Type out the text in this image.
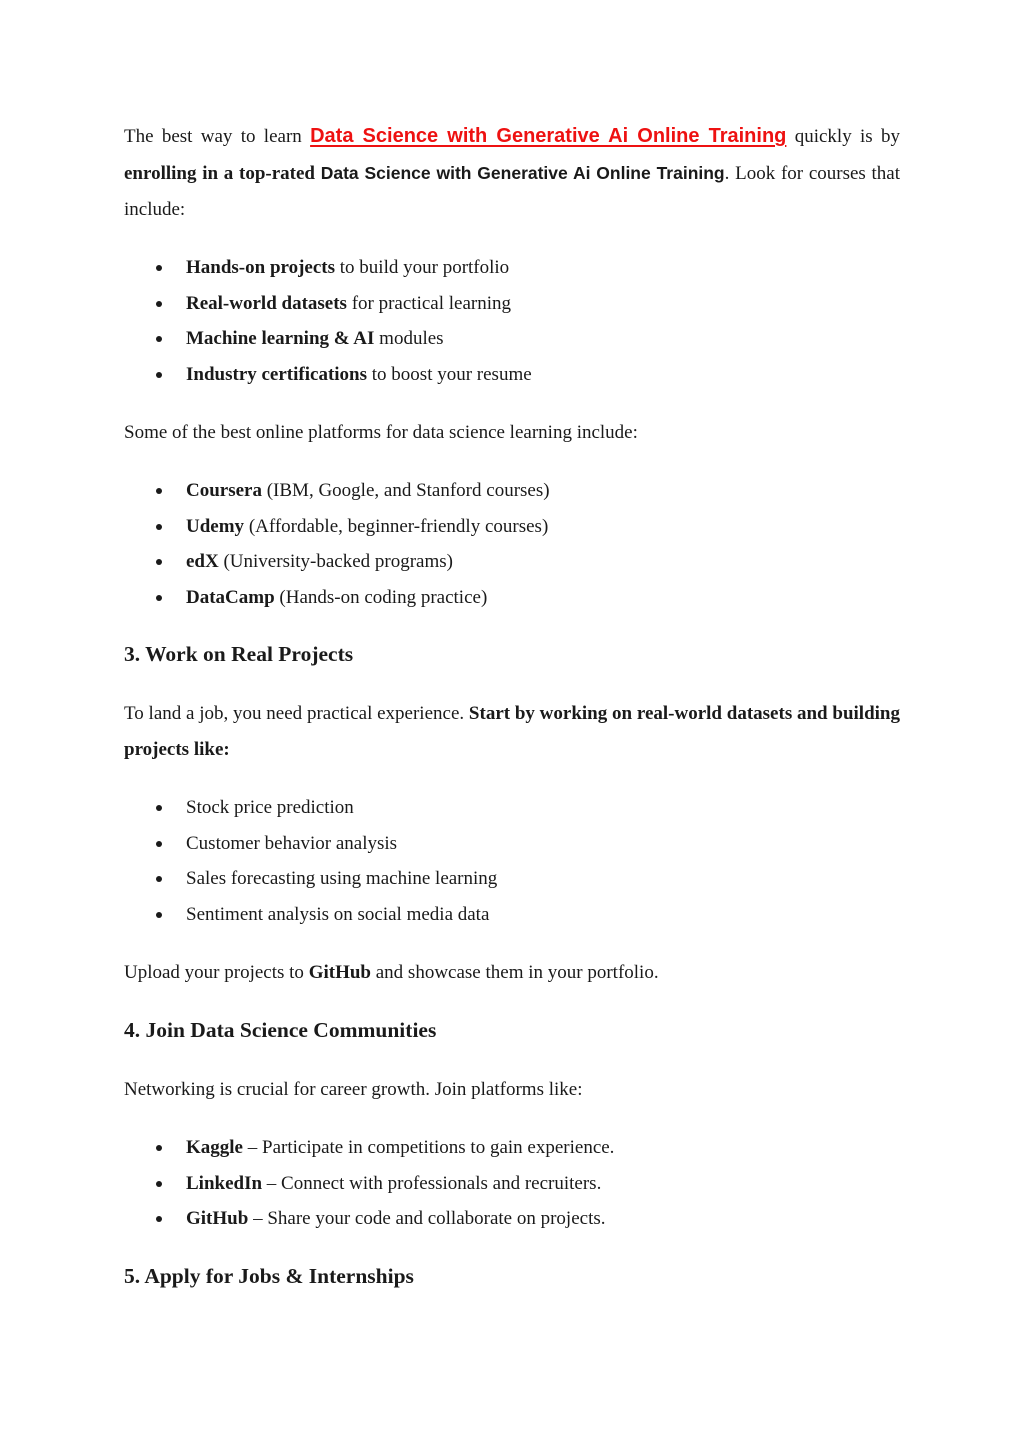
The best way to learn Data Science with Generative Ai Online Training quickly is by enrolling in a top-rated Data Science with Generative Ai Online Training. Look for courses that include:

Hands-on projects to build your portfolio
Real-world datasets for practical learning
Machine learning & AI modules
Industry certifications to boost your resume

Some of the best online platforms for data science learning include:

Coursera (IBM, Google, and Stanford courses)
Udemy (Affordable, beginner-friendly courses)
edX (University-backed programs)
DataCamp (Hands-on coding practice)
3. Work on Real Projects

To land a job, you need practical experience. Start by working on real-world datasets and building projects like:

Stock price prediction
Customer behavior analysis
Sales forecasting using machine learning
Sentiment analysis on social media data

Upload your projects to GitHub and showcase them in your portfolio.

4. Join Data Science Communities

Networking is crucial for career growth. Join platforms like:

Kaggle – Participate in competitions to gain experience.
LinkedIn – Connect with professionals and recruiters.
GitHub – Share your code and collaborate on projects.
5. Apply for Jobs & Internships
